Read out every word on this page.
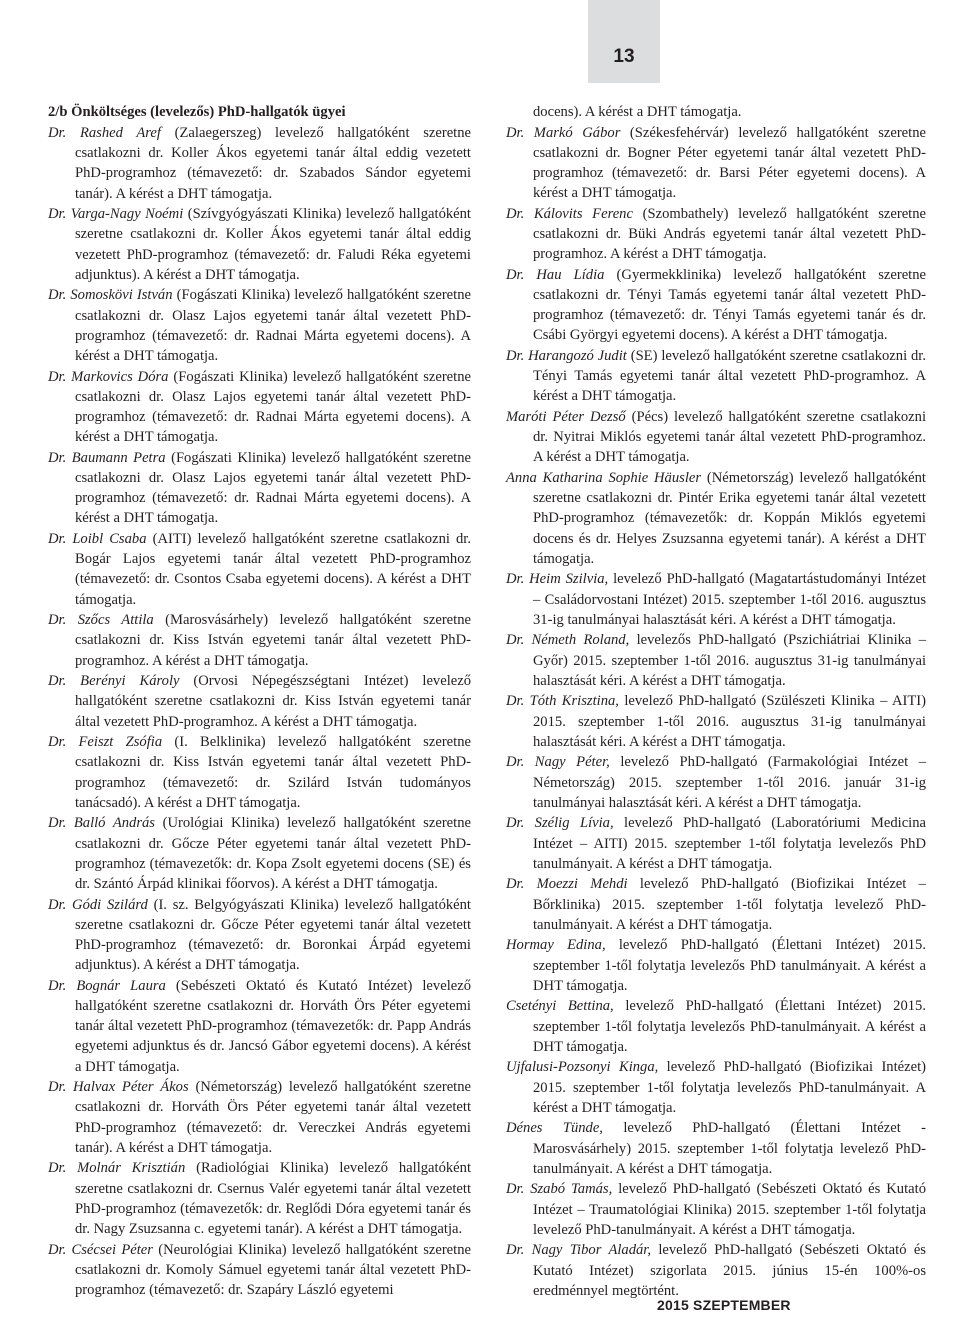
13

2/b Önköltséges (levelezős) PhD-hallgatók ügyei

Dr. Rashed Aref (Zalaegerszeg) levelező hallgatóként szeretne csatlakozni dr. Koller Ákos egyetemi tanár által eddig vezetett PhD-programhoz (témavezető: dr. Szabados Sándor egyetemi tanár). A kérést a DHT támogatja.

Dr. Varga-Nagy Noémi (Szívgyógyászati Klinika) levelező hallgatóként szeretne csatlakozni dr. Koller Ákos egyetemi tanár által eddig vezetett PhD-programhoz (témavezető: dr. Faludi Réka egyetemi adjunktus). A kérést a DHT támogatja.

Dr. Somoskövi István (Fogászati Klinika) levelező hallgatóként szeretne csatlakozni dr. Olasz Lajos egyetemi tanár által vezetett PhD-programhoz (témavezető: dr. Radnai Márta egyetemi docens). A kérést a DHT támogatja.

Dr. Markovics Dóra (Fogászati Klinika) levelező hallgatóként szeretne csatlakozni dr. Olasz Lajos egyetemi tanár által vezetett PhD-programhoz (témavezető: dr. Radnai Márta egyetemi docens). A kérést a DHT támogatja.

Dr. Baumann Petra (Fogászati Klinika) levelező hallgatóként szeretne csatlakozni dr. Olasz Lajos egyetemi tanár által vezetett PhD-programhoz (témavezető: dr. Radnai Márta egyetemi docens). A kérést a DHT támogatja.

Dr. Loibl Csaba (AITI) levelező hallgatóként szeretne csatlakozni dr. Bogár Lajos egyetemi tanár által vezetett PhD-programhoz (témavezető: dr. Csontos Csaba egyetemi docens). A kérést a DHT támogatja.

Dr. Szőcs Attila (Marosvásárhely) levelező hallgatóként szeretne csatlakozni dr. Kiss István egyetemi tanár által vezetett PhD-programhoz. A kérést a DHT támogatja.

Dr. Berényi Károly (Orvosi Népegészségtani Intézet) levelező hallgatóként szeretne csatlakozni dr. Kiss István egyetemi tanár által vezetett PhD-programhoz. A kérést a DHT támogatja.

Dr. Feiszt Zsófia (I. Belklinika) levelező hallgatóként szeretne csatlakozni dr. Kiss István egyetemi tanár által vezetett PhD-programhoz (témavezető: dr. Szilárd István tudományos tanácsadó). A kérést a DHT támogatja.

Dr. Balló András (Urológiai Klinika) levelező hallgatóként szeretne csatlakozni dr. Gőcze Péter egyetemi tanár által vezetett PhD-programhoz (témavezetők: dr. Kopa Zsolt egyetemi docens (SE) és dr. Szántó Árpád klinikai főorvos). A kérést a DHT támogatja.

Dr. Gódi Szilárd (I. sz. Belgyógyászati Klinika) levelező hallgatóként szeretne csatlakozni dr. Gőcze Péter egyetemi tanár által vezetett PhD-programhoz (témavezető: dr. Boronkai Árpád egyetemi adjunktus). A kérést a DHT támogatja.

Dr. Bognár Laura (Sebészeti Oktató és Kutató Intézet) levelező hallgatóként szeretne csatlakozni dr. Horváth Örs Péter egyetemi tanár által vezetett PhD-programhoz (témavezetők: dr. Papp András egyetemi adjunktus és dr. Jancsó Gábor egyetemi docens). A kérést a DHT támogatja.

Dr. Halvax Péter Ákos (Németország) levelező hallgatóként szeretne csatlakozni dr. Horváth Örs Péter egyetemi tanár által vezetett PhD-programhoz (témavezető: dr. Vereczkei András egyetemi tanár). A kérést a DHT támogatja.

Dr. Molnár Krisztián (Radiológiai Klinika) levelező hallgatóként szeretne csatlakozni dr. Csernus Valér egyetemi tanár által vezetett PhD-programhoz (témavezetők: dr. Reglődi Dóra egyetemi tanár és dr. Nagy Zsuzsanna c. egyetemi tanár). A kérést a DHT támogatja.

Dr. Csécsei Péter (Neurológiai Klinika) levelező hallgatóként szeretne csatlakozni dr. Komoly Sámuel egyetemi tanár által vezetett PhD-programhoz (témavezető: dr. Szapáry László egyetemi

docens). A kérést a DHT támogatja.

Dr. Markó Gábor (Székesfehérvár) levelező hallgatóként szeretne csatlakozni dr. Bogner Péter egyetemi tanár által vezetett PhD-programhoz (témavezető: dr. Barsi Péter egyetemi docens). A kérést a DHT támogatja.

Dr. Kálovits Ferenc (Szombathely) levelező hallgatóként szeretne csatlakozni dr. Büki András egyetemi tanár által vezetett PhD-programhoz. A kérést a DHT támogatja.

Dr. Hau Lídia (Gyermekklinika) levelező hallgatóként szeretne csatlakozni dr. Tényi Tamás egyetemi tanár által vezetett PhD-programhoz (témavezető: dr. Tényi Tamás egyetemi tanár és dr. Csábi Györgyi egyetemi docens). A kérést a DHT támogatja.

Dr. Harangozó Judit (SE) levelező hallgatóként szeretne csatlakozni dr. Tényi Tamás egyetemi tanár által vezetett PhD-programhoz. A kérést a DHT támogatja.

Maróti Péter Dezső (Pécs) levelező hallgatóként szeretne csatlakozni dr. Nyitrai Miklós egyetemi tanár által vezetett PhD-programhoz. A kérést a DHT támogatja.

Anna Katharina Sophie Häusler (Németország) levelező hallgatóként szeretne csatlakozni dr. Pintér Erika egyetemi tanár által vezetett PhD-programhoz (témavezetők: dr. Koppán Miklós egyetemi docens és dr. Helyes Zsuzsanna egyetemi tanár). A kérést a DHT támogatja.

Dr. Heim Szilvia, levelező PhD-hallgató (Magatartástudományi Intézet – Családorvostani Intézet) 2015. szeptember 1-től 2016. augusztus 31-ig tanulmányai halasztását kéri. A kérést a DHT támogatja.

Dr. Németh Roland, levelezős PhD-hallgató (Pszichiátriai Klinika – Győr) 2015. szeptember 1-től 2016. augusztus 31-ig tanulmányai halasztását kéri. A kérést a DHT támogatja.

Dr. Tóth Krisztina, levelező PhD-hallgató (Szülészeti Klinika – AITI) 2015. szeptember 1-től 2016. augusztus 31-ig tanulmányai halasztását kéri. A kérést a DHT támogatja.

Dr. Nagy Péter, levelező PhD-hallgató (Farmakológiai Intézet – Németország) 2015. szeptember 1-től 2016. január 31-ig tanulmányai halasztását kéri. A kérést a DHT támogatja.

Dr. Szélig Lívia, levelező PhD-hallgató (Laboratóriumi Medicina Intézet – AITI) 2015. szeptember 1-től folytatja levelezős PhD tanulmányait. A kérést a DHT támogatja.

Dr. Moezzi Mehdi levelező PhD-hallgató (Biofizikai Intézet – Bőrklinika) 2015. szeptember 1-től folytatja levelező PhD-tanulmányait. A kérést a DHT támogatja.

Hormay Edina, levelező PhD-hallgató (Élettani Intézet) 2015. szeptember 1-től folytatja levelezős PhD tanulmányait. A kérést a DHT támogatja.

Csetényi Bettina, levelező PhD-hallgató (Élettani Intézet) 2015. szeptember 1-től folytatja levelezős PhD-tanulmányait. A kérést a DHT támogatja.

Ujfalusi-Pozsonyi Kinga, levelező PhD-hallgató (Biofizikai Intézet) 2015. szeptember 1-től folytatja levelezős PhD-tanulmányait. A kérést a DHT támogatja.

Dénes Tünde, levelező PhD-hallgató (Élettani Intézet - Marosvásárhely) 2015. szeptember 1-től folytatja levelező PhD-tanulmányait. A kérést a DHT támogatja.

Dr. Szabó Tamás, levelező PhD-hallgató (Sebészeti Oktató és Kutató Intézet – Traumatológiai Klinika) 2015. szeptember 1-től folytatja levelező PhD-tanulmányait. A kérést a DHT támogatja.

Dr. Nagy Tibor Aladár, levelező PhD-hallgató (Sebészeti Oktató és Kutató Intézet) szigorlata 2015. június 15-én 100%-os eredménnyel megtörtént.

2015 SZEPTEMBER
